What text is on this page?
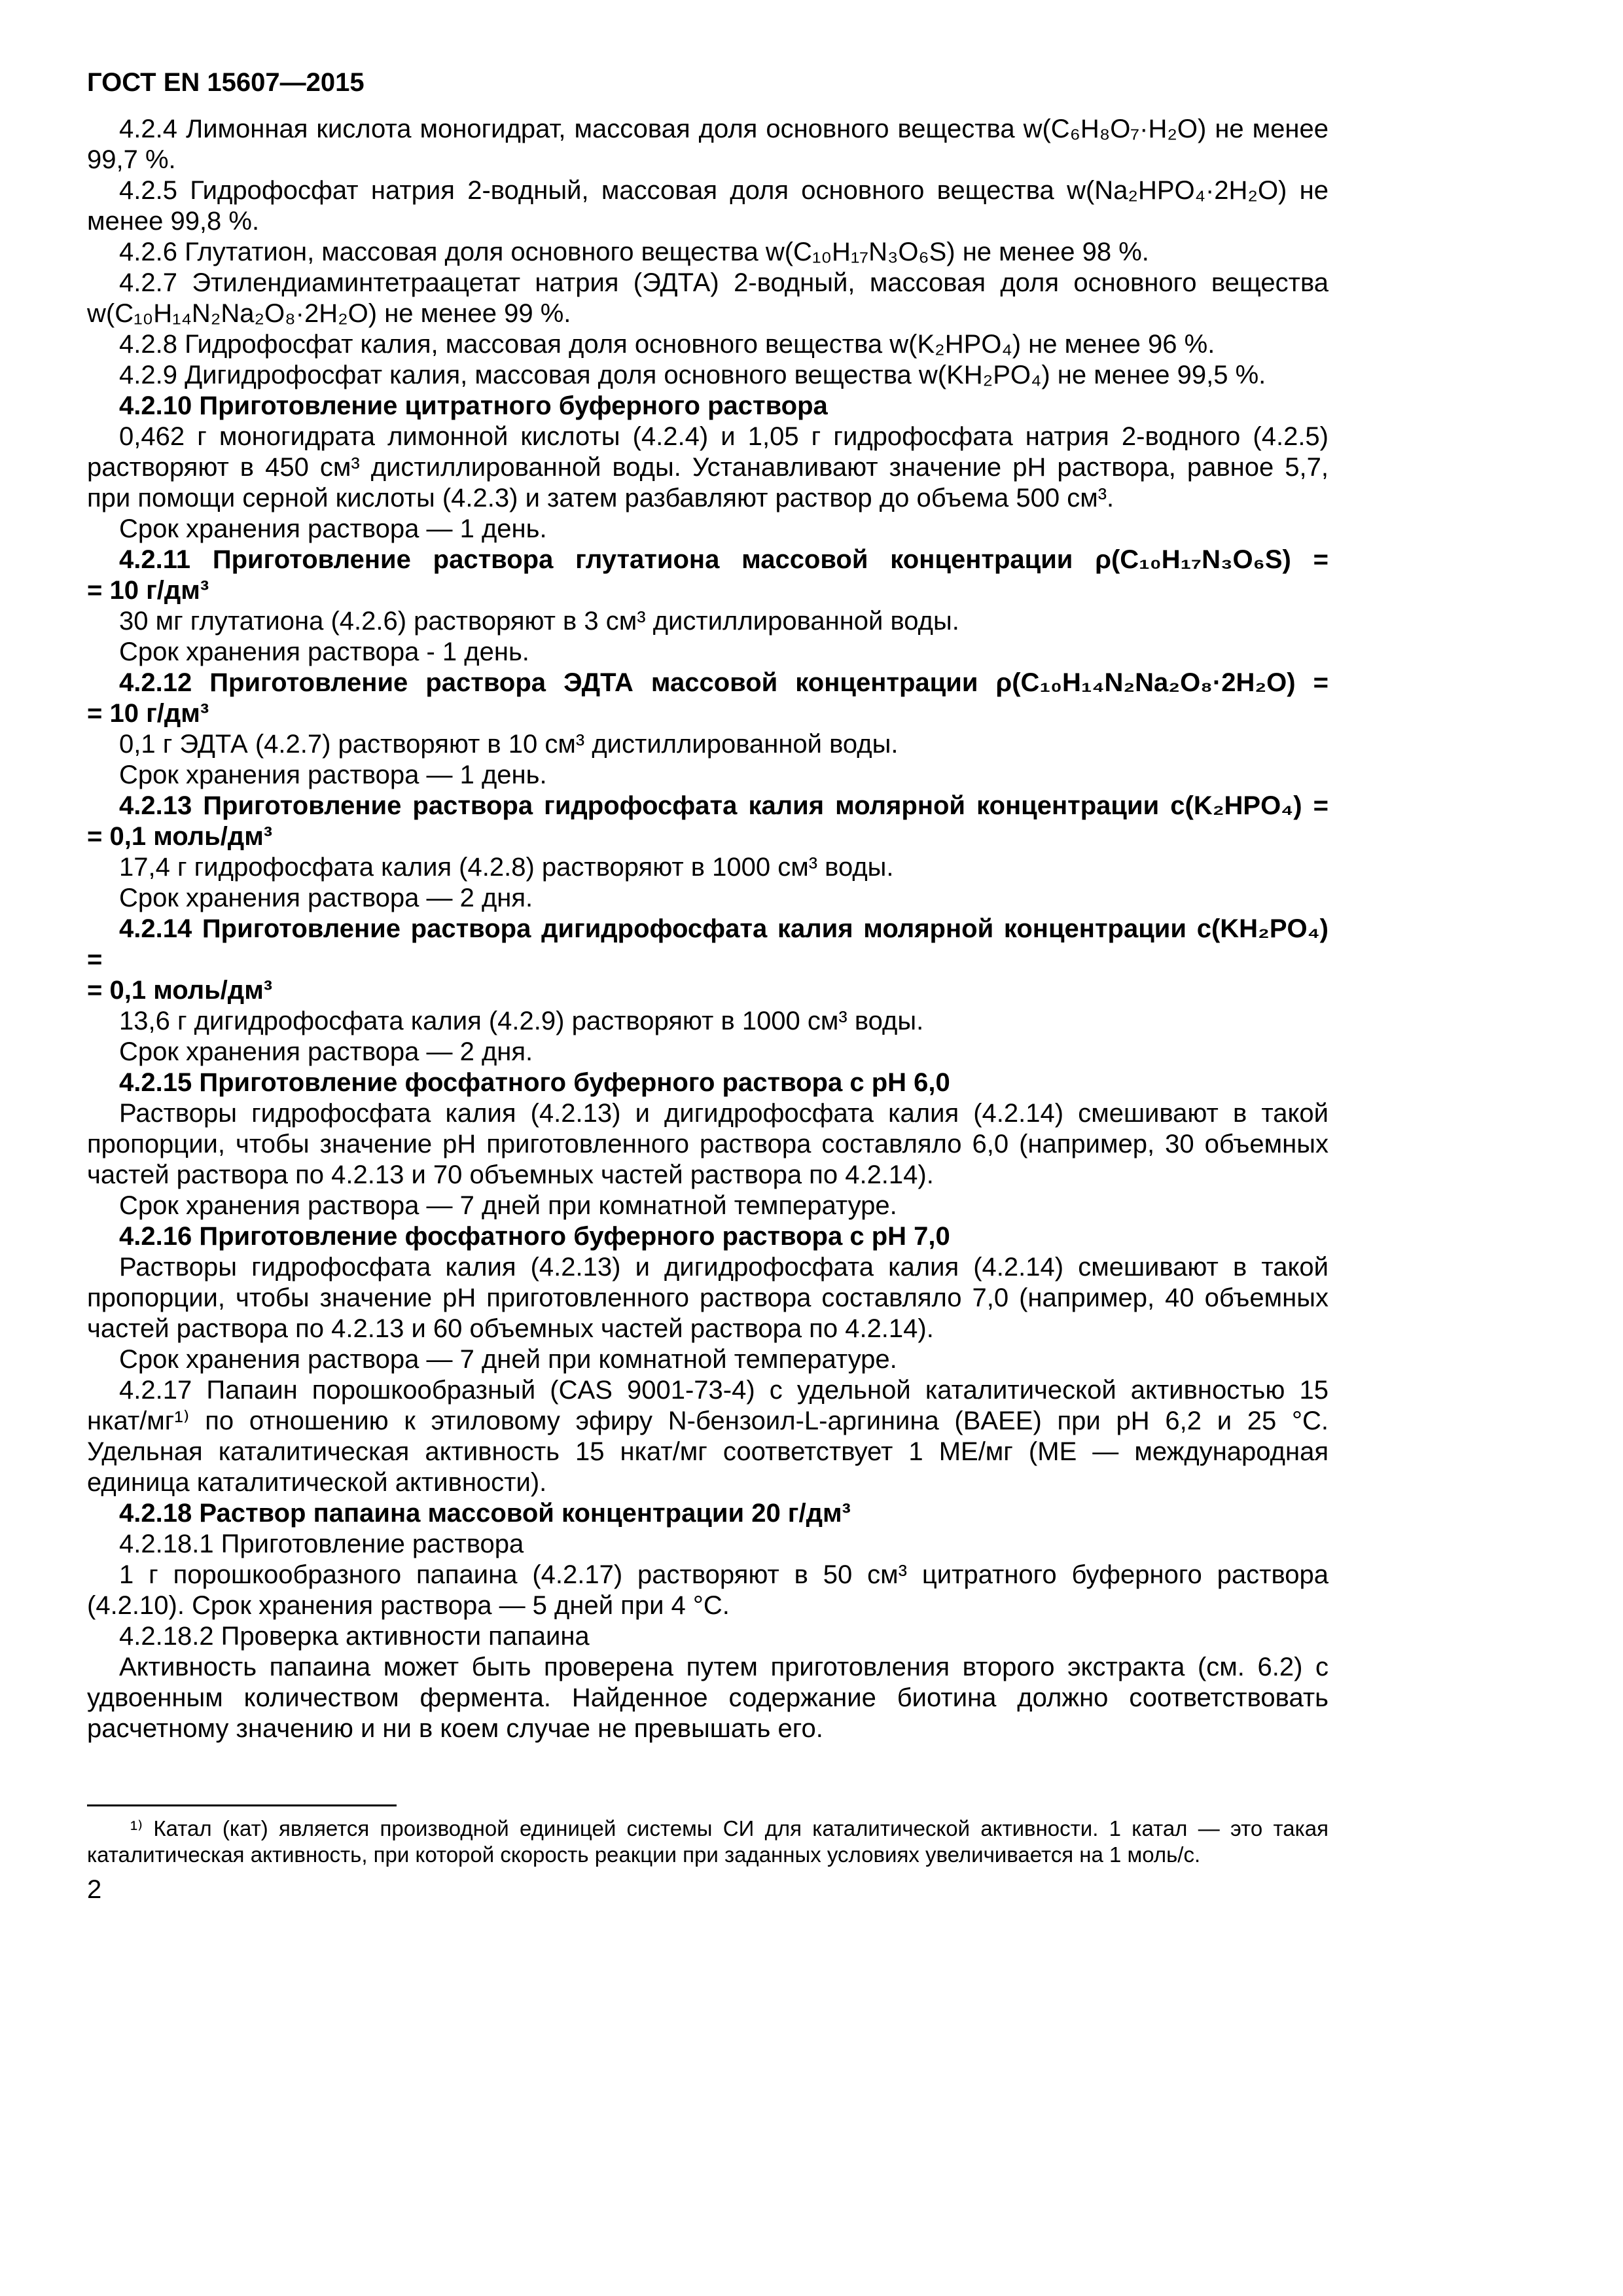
ГОСТ EN 15607—2015

4.2.4 Лимонная кислота моногидрат, массовая доля основного вещества w(C₆H₈O₇·H₂O) не менее 99,7 %.

4.2.5 Гидрофосфат натрия 2-водный, массовая доля основного вещества w(Na₂HPO₄·2H₂O) не менее 99,8 %.

4.2.6 Глутатион, массовая доля основного вещества w(C₁₀H₁₇N₃O₆S) не менее 98 %.

4.2.7 Этилендиаминтетраацетат натрия (ЭДТА) 2-водный, массовая доля основного вещества w(C₁₀H₁₄N₂Na₂O₈·2H₂O) не менее 99 %.

4.2.8 Гидрофосфат калия, массовая доля основного вещества w(K₂HPO₄) не менее 96 %.

4.2.9 Дигидрофосфат калия, массовая доля основного вещества w(KH₂PO₄) не менее 99,5 %.

4.2.10 Приготовление цитратного буферного раствора

0,462 г моногидрата лимонной кислоты (4.2.4) и 1,05 г гидрофосфата натрия 2-водного (4.2.5) растворяют в 450 см³ дистиллированной воды. Устанавливают значение pH раствора, равное 5,7, при помощи серной кислоты (4.2.3) и затем разбавляют раствор до объема 500 см³.

Срок хранения раствора — 1 день.

4.2.11 Приготовление раствора глутатиона массовой концентрации ρ(C₁₀H₁₇N₃O₆S) =
= 10 г/дм³

30 мг глутатиона (4.2.6) растворяют в 3 см³ дистиллированной воды.

Срок хранения раствора - 1 день.

4.2.12 Приготовление раствора ЭДТА массовой концентрации ρ(C₁₀H₁₄N₂Na₂O₈·2H₂O) =
= 10 г/дм³

0,1 г ЭДТА (4.2.7) растворяют в 10 см³ дистиллированной воды.

Срок хранения раствора — 1 день.

4.2.13 Приготовление раствора гидрофосфата калия молярной концентрации c(K₂HPO₄) =
= 0,1 моль/дм³

17,4 г гидрофосфата калия (4.2.8) растворяют в 1000 см³ воды.

Срок хранения раствора — 2 дня.

4.2.14 Приготовление раствора дигидрофосфата калия молярной концентрации c(KH₂PO₄) =
= 0,1 моль/дм³

13,6 г дигидрофосфата калия (4.2.9) растворяют в 1000 см³ воды.

Срок хранения раствора — 2 дня.

4.2.15 Приготовление фосфатного буферного раствора с pH 6,0

Растворы гидрофосфата калия (4.2.13) и дигидрофосфата калия (4.2.14) смешивают в такой пропорции, чтобы значение pH приготовленного раствора составляло 6,0 (например, 30 объемных частей раствора по 4.2.13 и 70 объемных частей раствора по 4.2.14).

Срок хранения раствора — 7 дней при комнатной температуре.

4.2.16 Приготовление фосфатного буферного раствора с pH 7,0

Растворы гидрофосфата калия (4.2.13) и дигидрофосфата калия (4.2.14) смешивают в такой пропорции, чтобы значение pH приготовленного раствора составляло 7,0 (например, 40 объемных частей раствора по 4.2.13 и 60 объемных частей раствора по 4.2.14).

Срок хранения раствора — 7 дней при комнатной температуре.

4.2.17 Папаин порошкообразный (CAS 9001-73-4) с удельной каталитической активностью 15 нкат/мг¹⁾ по отношению к этиловому эфиру N-бензоил-L-аргинина (BAEE) при pH 6,2 и 25 °C. Удельная каталитическая активность 15 нкат/мг соответствует 1 МЕ/мг (МЕ — международная единица каталитической активности).

4.2.18 Раствор папаина массовой концентрации 20 г/дм³

4.2.18.1 Приготовление раствора

1 г порошкообразного папаина (4.2.17) растворяют в 50 см³ цитратного буферного раствора (4.2.10). Срок хранения раствора — 5 дней при 4 °C.

4.2.18.2 Проверка активности папаина

Активность папаина может быть проверена путем приготовления второго экстракта (см. 6.2) с удвоенным количеством фермента. Найденное содержание биотина должно соответствовать расчетному значению и ни в коем случае не превышать его.

¹⁾ Катал (кат) является производной единицей системы СИ для каталитической активности. 1 катал — это такая каталитическая активность, при которой скорость реакции при заданных условиях увеличивается на 1 моль/с.

2
